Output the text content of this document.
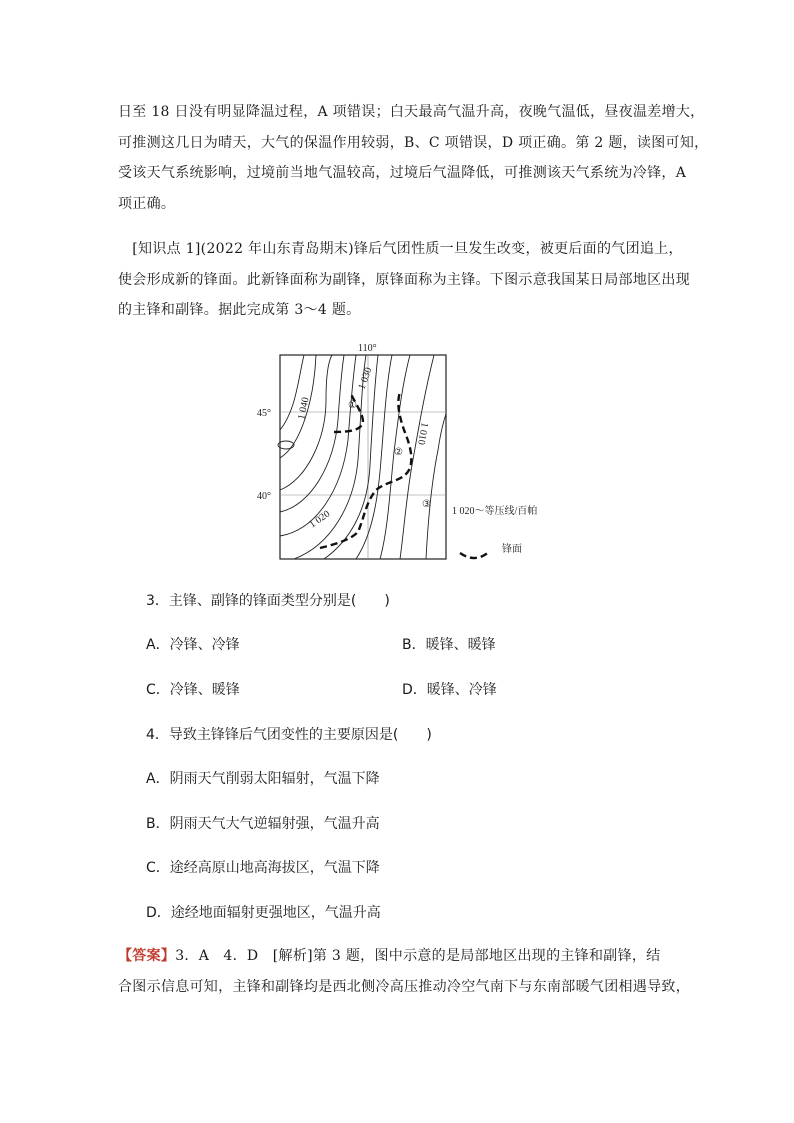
日至 18 日没有明显降温过程，A 项错误；白天最高气温升高，夜晚气温低，昼夜温差增大，
可推测这几日为晴天，大气的保温作用较弱，B、C 项错误，D 项正确。第 2 题，读图可知，
受该天气系统影响，过境前当地气温较高，过境后气温降低，可推测该天气系统为冷锋，A
项正确。
　[知识点 1](2022 年山东青岛期末)锋后气团性质一旦发生改变，被更后面的气团追上，
使会形成新的锋面。此新锋面称为副锋，原锋面称为主锋。下图示意我国某日局部地区出现
的主锋和副锋。据此完成第 3～4 题。
110°
45°
40°
1 040
1 030
1 010
1 020
①
②
③
1 020～等压线/百帕
锋面
3．主锋、副锋的锋面类型分别是(　　)
A．冷锋、冷锋	B．暖锋、暖锋
C．冷锋、暖锋	D．暖锋、冷锋
4．导致主锋锋后气团变性的主要原因是(　　)
A．阴雨天气削弱太阳辐射，气温下降
B．阴雨天气大气逆辐射强，气温升高
C．途经高原山地高海拔区，气温下降
D．途经地面辐射更强地区，气温升高
【答案】3．A　4．D　[解析]第 3 题，图中示意的是局部地区出现的主锋和副锋，结
合图示信息可知，主锋和副锋均是西北侧冷高压推动冷空气南下与东南部暖气团相遇导致，
